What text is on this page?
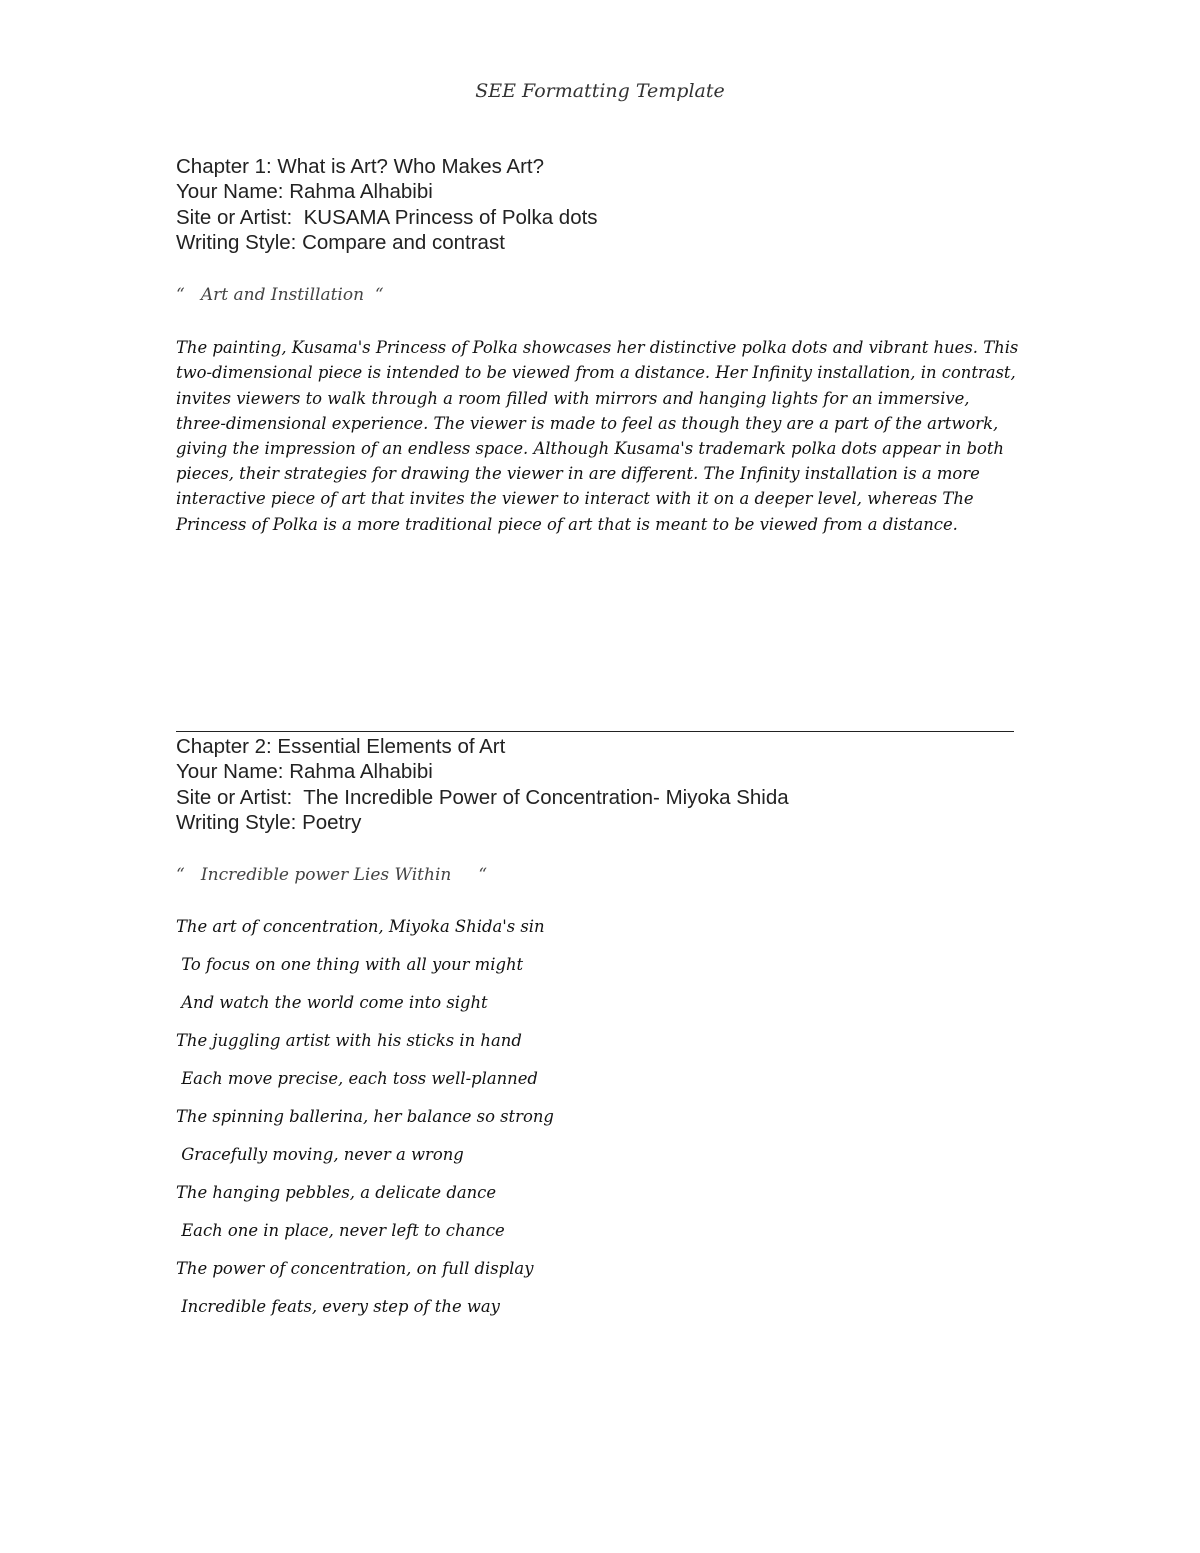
SEE Formatting Template
Chapter 1: What is Art? Who Makes Art?
Your Name: Rahma Alhabibi
Site or Artist:  KUSAMA Princess of Polka dots
Writing Style: Compare and contrast
“   Art and Instillation  “
The painting, Kusama's Princess of Polka showcases her distinctive polka dots and vibrant hues. This two-dimensional piece is intended to be viewed from a distance. Her Infinity installation, in contrast, invites viewers to walk through a room filled with mirrors and hanging lights for an immersive, three-dimensional experience. The viewer is made to feel as though they are a part of the artwork, giving the impression of an endless space. Although Kusama's trademark polka dots appear in both pieces, their strategies for drawing the viewer in are different. The Infinity installation is a more interactive piece of art that invites the viewer to interact with it on a deeper level, whereas The Princess of Polka is a more traditional piece of art that is meant to be viewed from a distance.
Chapter 2: Essential Elements of Art
Your Name: Rahma Alhabibi
Site or Artist:  The Incredible Power of Concentration- Miyoka Shida
Writing Style: Poetry
“   Incredible power Lies Within     “
The art of concentration, Miyoka Shida's sin
To focus on one thing with all your might
And watch the world come into sight
The juggling artist with his sticks in hand
Each move precise, each toss well-planned
The spinning ballerina, her balance so strong
Gracefully moving, never a wrong
The hanging pebbles, a delicate dance
Each one in place, never left to chance
The power of concentration, on full display
Incredible feats, every step of the way
